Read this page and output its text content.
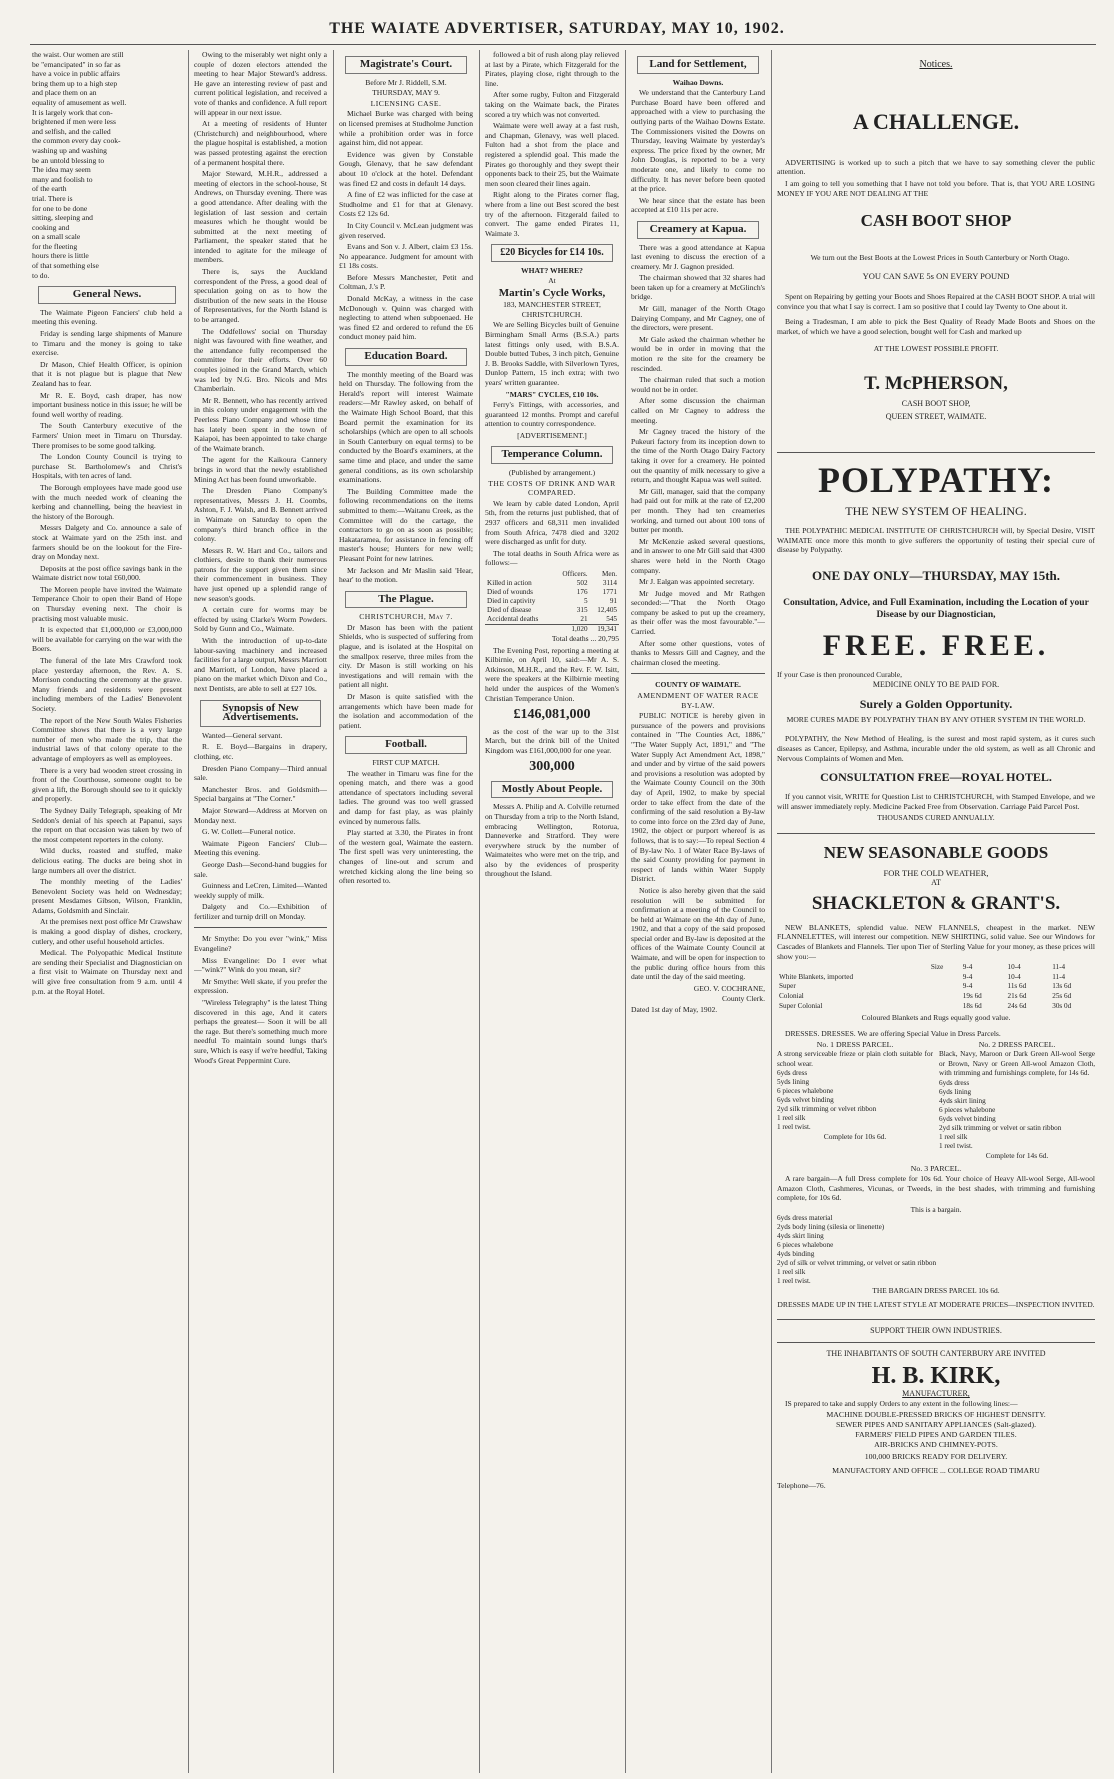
THE WAIATE ADVERTISER, SATURDAY, MAY 10, 1902.
the waist. Our women are still
be "emancipated" in so far as
have a voice in public affairs
bring them up to a high step
and place them on an
equality of amusement as well.
It is largely work that con-
brightened if men were less
and selfish, and the called
the common every day cook-
washing up and washing
be an untold blessing to
The idea may seem
many and foolish to
of the earth
trial. There is
for one to be done
sitting, sleeping and
cooking and
on a small scale
for the fleeting
hours there is little
of that something else
to do.
General News.

The Waimate Pigeon Fanciers' club held a meeting this evening.

Friday is sending large shipments of Manure to Timaru and the money is going to take exercise.

Dr Mason, Chief Health Officer, is opinion that it is not plague but is plague that New Zealand has to fear.

Mr R. E. Boyd, cash draper, has now important business notice in this issue; he will be found well worthy of reading.

The South Canterbury executive of the Farmers' Union meet in Timaru on Thursday. There promises to be some good talking.

The London County Council is trying to purchase St. Bartholomew's and Christ's Hospitals, with ten acres of land.

The Borough employees have made good use with the much needed work of cleaning the kerbing and channelling, being the heaviest in the history of the Borough.

Messrs Dalgety and Co. announce a sale of stock at Waimate yard on the 25th inst. and farmers should be on the lookout for the Fire-dray on Monday next.

Deposits at the post office savings bank in the Waimate district now total £60,000.

The Moreen people have invited the Waimate Temperance Choir to open their Band of Hope on Thursday evening next. The choir is practising most valuable music.

It is expected that £1,000,000 or £3,000,000 will be available for carrying on the war with the Boers.

The funeral of the late Mrs Crawford took place yesterday afternoon, the Rev. A. S. Morrison conducting the ceremony at the grave. Many friends and residents were present including members of the Ladies' Benevolent Society.

The report of the New South Wales Fisheries Committee shows that there is a very large number of men who made the trip, that the industrial laws of that colony operate to the advantage of employers as well as employees.

There is a very bad wooden street crossing in front of the Courthouse, someone ought to be given a lift, the Borough should see to it quickly and properly.

The Sydney Daily Telegraph, speaking of Mr Seddon's denial of his speech at Papanui, says the report on that occasion was taken by two of the most competent reporters in the colony.

Wild ducks, roasted and stuffed, make delicious eating. The ducks are being shot in large numbers all over the district.

The monthly meeting of the Ladies' Benevolent Society was held on Wednesday; present Mesdames Gibson, Wilson, Franklin, Adams, Goldsmith and Sinclair.

At the premises next post office Mr Crawshaw is making a good display of dishes, crockery, cutlery, and other useful household articles.

Medical. The Polyopathic Medical Institute are sending their Specialist and Diagnostician on a first visit to Waimate on Thursday next and will give free consultation from 9 a.m. until 4 p.m. at the Royal Hotel.

Owing to the miserably wet night only a couple of dozen electors attended the meeting to hear Major Steward's address. He gave an interesting review of past and current political legislation, and received a vote of thanks and confidence. A full report will appear in our next issue.

At a meeting of residents of Hunter (Christchurch) and neighbourhood, where the plague hospital is established, a motion was passed protesting against the erection of a permanent hospital there.

Major Steward, M.H.R., addressed a meeting of electors in the school-house, St Andrews, on Thursday evening. There was a good attendance. After dealing with the legislation of last session and certain measures which he thought would be submitted at the next meeting of Parliament, the speaker stated that he intended to agitate for the mileage of members.

There is, says the Auckland correspondent of the Press, a good deal of speculation going on as to how the distribution of the new seats in the House of Representatives, for the North Island is to be arranged.

The Oddfellows' social on Thursday night was favoured with fine weather, and the attendance fully recompensed the committee for their efforts. Over 60 couples joined in the Grand March, which was led by N.G. Bro. Nicols and Mrs Chamberlain.

Mr R. Bennett, who has recently arrived in this colony under engagement with the Peerless Piano Company and whose time has lately been spent in the town of Kaiapoi, has been appointed to take charge of the Waimate branch.

The agent for the Kaikoura Cannery brings in word that the newly established Mining Act has been found unworkable.

The Dresden Piano Company's representatives, Messrs J. H. Coombs, Ashton, F. J. Walsh, and B. Bennett arrived in Waimate on Saturday to open the company's third branch office in the colony.

Messrs R. W. Hart and Co., tailors and clothiers, desire to thank their numerous patrons for the support given them since their commencement in business. They have just opened up a splendid range of new season's goods.

A certain cure for worms may be effected by using Clarke's Worm Powders. Sold by Gunn and Co., Waimate.

With the introduction of up-to-date labour-saving machinery and increased facilities for a large output, Messrs Marriott and Marriott, of London, have placed a piano on the market which Dixon and Co., next Dentists, are able to sell at £27 10s.

Synopsis of New Advertisements.

Wanted—General servant.

R. E. Boyd—Bargains in drapery, clothing, etc.

Dresden Piano Company—Third annual sale.

Manchester Bros. and Goldsmith—Special bargains at "The Corner."

Major Steward—Address at Morven on Monday next.

G. W. Collett—Funeral notice.

Waimate Pigeon Fanciers' Club—Meeting this evening.

George Dash—Second-hand buggies for sale.

Guinness and LeCren, Limited—Wanted weekly supply of milk.

Dalgety and Co.—Exhibition of fertilizer and turnip drill on Monday.

Mr Smythe: Do you ever "wink," Miss Evangeline?

Miss Evangeline: Do I ever what—"wink?" Wink do you mean, sir?

Mr Smythe: Well skate, if you prefer the expression.

"Wireless Telegraphy" is the latest Thing discovered in this age, And it caters perhaps the greatest— Soon it will be all the rage. But there's something much more needful To maintain sound lungs that's sure, Which is easy if we're heedful, Taking Wood's Great Peppermint Cure.

Magistrate's Court.
Before Mr J. Riddell, S.M.
THURSDAY, MAY 9.
LICENSING CASE.

Michael Burke was charged with being on licensed premises at Studholme Junction while a prohibition order was in force against him, did not appear.

Evidence was given by Constable Gough, Glenavy, that he saw defendant about 10 o'clock at the hotel. Defendant was fined £2 and costs in default 14 days.

A fine of £2 was inflicted for the case at Studholme and £1 for that at Glenavy. Costs £2 12s 6d.

In City Council v. McLean judgment was given reserved.

Evans and Son v. J. Albert, claim £3 15s. No appearance. Judgment for amount with £1 18s costs.

Before Messrs Manchester, Petit and Coltman, J.'s P.

Donald McKay, a witness in the case McDonough v. Quinn was charged with neglecting to attend when subpoenaed. He was fined £2 and ordered to refund the £6 conduct money paid him.

Education Board.

The monthly meeting of the Board was held on Thursday. The following from the Herald's report will interest Waimate readers:—Mr Rawley asked, on behalf of the Waimate High School Board, that this Board permit the examination for its scholarships (which are open to all schools in South Canterbury on equal terms) to be conducted by the Board's examiners, at the same time and place, and under the same general conditions, as its own scholarship examinations.

The Building Committee made the following recommendations on the items submitted to them:—Waitanu Creek, as the Committee will do the cartage, the contractors to go on as soon as possible; Hakataramea, for assistance in fencing off master's house; Hunters for new well; Pleasant Point for new latrines.

Mr Jackson and Mr Maslin said 'Hear, hear' to the motion.

The Plague.
CHRISTCHURCH, May 7.

Dr Mason has been with the patient Shields, who is suspected of suffering from plague, and is isolated at the Hospital on the smallpox reserve, three miles from the city. Dr Mason is still working on his investigations and will remain with the patient all night.

Dr Mason is quite satisfied with the arrangements which have been made for the isolation and accommodation of the patient.

Football.
FIRST CUP MATCH.

The weather in Timaru was fine for the opening match, and there was a good attendance of spectators including several ladies. The ground was too well grassed and damp for fast play, as was plainly evinced by numerous falls.

Play started at 3.30, the Pirates in front of the western goal, Waimate the eastern. The first spell was very uninteresting, the changes of line-out and scrum and wretched kicking along the line being so often resorted to.

followed a bit of rush along play relieved at last by a Pirate, which Fitzgerald for the Pirates, playing close, right through to the line.

After some rugby, Fulton and Fitzgerald taking on the Waimate back, the Pirates scored a try which was not converted.

Waimate were well away at a fast rush, and Chapman, Glenavy, was well placed. Fulton had a shot from the place and registered a splendid goal. This made the Pirates go thoroughly and they swept their opponents back to their 25, but the Waimate men soon cleared their lines again.

Right along to the Pirates corner flag, where from a line out Best scored the best try of the afternoon. Fitzgerald failed to convert. The game ended Pirates 11, Waimate 3.

£20 Bicycles for £14 10s.
WHAT? WHERE?
At
Martin's Cycle Works,
183, MANCHESTER STREET, CHRISTCHURCH.

We are Selling Bicycles built of Genuine Birmingham Small Arms (B.S.A.) parts latest fittings only used, with B.S.A. Double butted Tubes, 3 inch pitch, Genuine J. B. Brooks Saddle, with Silverlown Tyres, Dunlop Pattern, 15 inch extra; with two years' written guarantee.

"MARS" CYCLES, £10 10s.

Ferry's Fittings, with accessories, and guaranteed 12 months. Prompt and careful attention to country correspondence.

[ADVERTISEMENT.]
Temperance Column.
(Published by arrangement.)
THE COSTS OF DRINK AND WAR COMPARED.

We learn by cable dated London, April 5th, from the returns just published, that of 2937 officers and 68,311 men invalided from South Africa, 7478 died and 3202 were discharged as unfit for duty.

The total deaths in South Africa were as follows:—

	Officers.	Men.
Killed in action	502	3114
Died of wounds	176	1771
Died in captivity	5	91
Died of disease	315	12,405
Accidental deaths	21	545
	1,020	19,341

Total deaths ... 20,795

The Evening Post, reporting a meeting at Kilbirnie, on April 10, said:—Mr A. S. Atkinson, M.H.R., and the Rev. F. W. Isitt, were the speakers at the Kilbirnie meeting held under the auspices of the Women's Christian Temperance Union.

£146,081,000

as the cost of the war up to the 31st March, but the drink bill of the United Kingdom was £161,000,000 for one year.

300,000
Mostly About People.

Messrs A. Philip and A. Colville returned on Thursday from a trip to the North Island, embracing Wellington, Rotorua, Danneverke and Stratford. They were everywhere struck by the number of Waimateites who were met on the trip, and also by the evidences of prosperity throughout the Island.

Land for Settlement,
Waihao Downs.

We understand that the Canterbury Land Purchase Board have been offered and approached with a view to purchasing the outlying parts of the Waihao Downs Estate. The Commissioners visited the Downs on Thursday, leaving Waimate by yesterday's express. The price fixed by the owner, Mr John Douglas, is reported to be a very moderate one, and likely to come no difficulty. It has never before been quoted at the price.

We hear since that the estate has been accepted at £10 11s per acre.

Creamery at Kapua.

There was a good attendance at Kapua last evening to discuss the erection of a creamery. Mr J. Gagnon presided.

The chairman showed that 32 shares had been taken up for a creamery at McGlinch's bridge.

Mr Gill, manager of the North Otago Dairying Company, and Mr Cagney, one of the directors, were present.

Mr Gale asked the chairman whether he would be in order in moving that the motion re the site for the creamery be rescinded.

The chairman ruled that such a motion would not be in order.

After some discussion the chairman called on Mr Cagney to address the meeting.

Mr Cagney traced the history of the Pukeuri factory from its inception down to the time of the North Otago Dairy Factory taking it over for a creamery. He pointed out the quantity of milk necessary to give a return, and thought Kapua was well suited.

Mr Gill, manager, said that the company had paid out for milk at the rate of £2,200 per month. They had ten creameries working, and turned out about 100 tons of butter per month.

Mr McKenzie asked several questions, and in answer to one Mr Gill said that 4300 shares were held in the North Otago company.

Mr J. Ealgan was appointed secretary.

Mr Judge moved and Mr Rathgen seconded:—"That the North Otago company be asked to put up the creamery, as their offer was the most favourable."—Carried.

After some other questions, votes of thanks to Messrs Gill and Cagney, and the chairman closed the meeting.

COUNTY OF WAIMATE.
AMENDMENT OF WATER RACE BY-LAW.

PUBLIC NOTICE is hereby given in pursuance of the powers and provisions contained in "The Counties Act, 1886," "The Water Supply Act, 1891," and "The Water Supply Act Amendment Act, 1898," and under and by virtue of the said powers and provisions a resolution was adopted by the Waimate County Council on the 30th day of April, 1902, to make by special order to take effect from the date of the confirming of the said resolution a By-law to come into force on the 23rd day of June, 1902, the object or purport whereof is as follows, that is to say:—To repeal Section 4 of By-law No. 1 of Water Race By-laws of the said County providing for payment in respect of lands within Water Supply District.

Notice is also hereby given that the said resolution will be submitted for confirmation at a meeting of the Council to be held at Waimate on the 4th day of June, 1902, and that a copy of the said proposed special order and By-law is deposited at the offices of the Waimate County Council at Waimate, and will be open for inspection to the public during office hours from this date until the day of the said meeting.

GEO. V. COCHRANE,
County Clerk.
Dated 1st day of May, 1902.
Notices.
A CHALLENGE.

ADVERTISING is worked up to such a pitch that we have to say something clever the public attention.

I am going to tell you something that I have not told you before. That is, that YOU ARE LOSING MONEY IF YOU ARE NOT DEALING AT THE

CASH BOOT SHOP

We turn out the Best Boots at the Lowest Prices in South Canterbury or North Otago.

YOU CAN SAVE 5s ON EVERY POUND

Spent on Repairing by getting your Boots and Shoes Repaired at the CASH BOOT SHOP. A trial will convince you that what I say is correct. I am so positive that I could lay Twenty to One about it.

Being a Tradesman, I am able to pick the Best Quality of Ready Made Boots and Shoes on the market, of which we have a good selection, bought well for Cash and marked up

AT THE LOWEST POSSIBLE PROFIT.
T. McPHERSON,
CASH BOOT SHOP,
QUEEN STREET, WAIMATE.
POLYPATHY:
THE NEW SYSTEM OF HEALING.

THE POLYPATHIC MEDICAL INSTITUTE OF CHRISTCHURCH will, by Special Desire, VISIT WAIMATE once more this month to give sufferers the opportunity of testing their special cure of disease by Polypathy.

ONE DAY ONLY—THURSDAY, MAY 15th.
Consultation, Advice, and Full Examination, including the Location of your Disease by our Diagnostician,
FREE. FREE.
If your Case is then pronounced Curable,
MEDICINE ONLY TO BE PAID FOR.
Surely a Golden Opportunity.
MORE CURES MADE BY POLYPATHY THAN BY ANY OTHER SYSTEM IN THE WORLD.

POLYPATHY, the New Method of Healing, is the surest and most rapid system, as it cures such diseases as Cancer, Epilepsy, and Asthma, incurable under the old system, as well as all Chronic and Nervous Complaints of Women and Men.

CONSULTATION FREE—ROYAL HOTEL.

If you cannot visit, WRITE for Question List to CHRISTCHURCH, with Stamped Envelope, and we will answer immediately reply. Medicine Packed Free from Observation. Carriage Paid Parcel Post.

THOUSANDS CURED ANNUALLY.
NEW SEASONABLE GOODS
FOR THE COLD WEATHER,
AT
SHACKLETON & GRANT'S.

NEW BLANKETS, splendid value. NEW FLANNELS, cheapest in the market. NEW FLANNELETTES, will interest our competition. NEW SHIRTING, solid value. See our Windows for Cascades of Blankets and Flannels. Tier upon Tier of Sterling Value for your money, as these prices will show you:—

	Size	9-4	10-4	11-4
White Blankets, imported		9-4	10-4	11-4
Super		9-4	11s 6d	13s 6d
Colonial		19s 6d	21s 6d	25s 6d
Super Colonial		18s 6d	24s 6d	30s 0d
Coloured Blankets and Rugs equally good value.

DRESSES. DRESSES. We are offering Special Value in Dress Parcels.

No. 1 DRESS PARCEL.
A strong serviceable frieze or plain cloth suitable for school wear.
6yds dress
5yds lining
6 pieces whalebone
6yds velvet binding
2yd silk trimming or velvet ribbon
1 reel silk
1 reel twist.
Complete for 10s 6d.
No. 2 DRESS PARCEL.
Black, Navy, Maroon or Dark Green All-wool Serge or Brown, Navy or Green All-wool Amazon Cloth, with trimming and furnishings complete, for 14s 6d.
6yds dress
6yds lining
4yds skirt lining
6 pieces whalebone
6yds velvet binding
2yd silk trimming or velvet or satin ribbon
1 reel silk
1 reel twist.
Complete for 14s 6d.
No. 3 PARCEL.

A rare bargain—A full Dress complete for 10s 6d. Your choice of Heavy All-wool Serge, All-wool Amazon Cloth, Cashmeres, Vicunas, or Tweeds, in the best shades, with trimming and furnishing complete, for 10s 6d.

This is a bargain.
6yds dress material
2yds body lining (silesia or linenette)
4yds skirt lining
6 pieces whalebone
4yds binding
2yd of silk or velvet trimming, or velvet or satin ribbon
1 reel silk
1 reel twist.
THE BARGAIN DRESS PARCEL 10s 6d.
DRESSES MADE UP IN THE LATEST STYLE AT MODERATE PRICES—INSPECTION INVITED.
SUPPORT THEIR OWN INDUSTRIES.
THE INHABITANTS OF SOUTH CANTERBURY ARE INVITED
H. B. KIRK,
MANUFACTURER,

IS prepared to take and supply Orders to any extent in the following lines:—

MACHINE DOUBLE-PRESSED BRICKS OF HIGHEST DENSITY.
SEWER PIPES AND SANITARY APPLIANCES (Salt-glazed).
FARMERS' FIELD PIPES AND GARDEN TILES.
AIR-BRICKS AND CHIMNEY-POTS.
100,000 BRICKS READY FOR DELIVERY.
MANUFACTORY AND OFFICE ... COLLEGE ROAD TIMARU
Telephone—76.
